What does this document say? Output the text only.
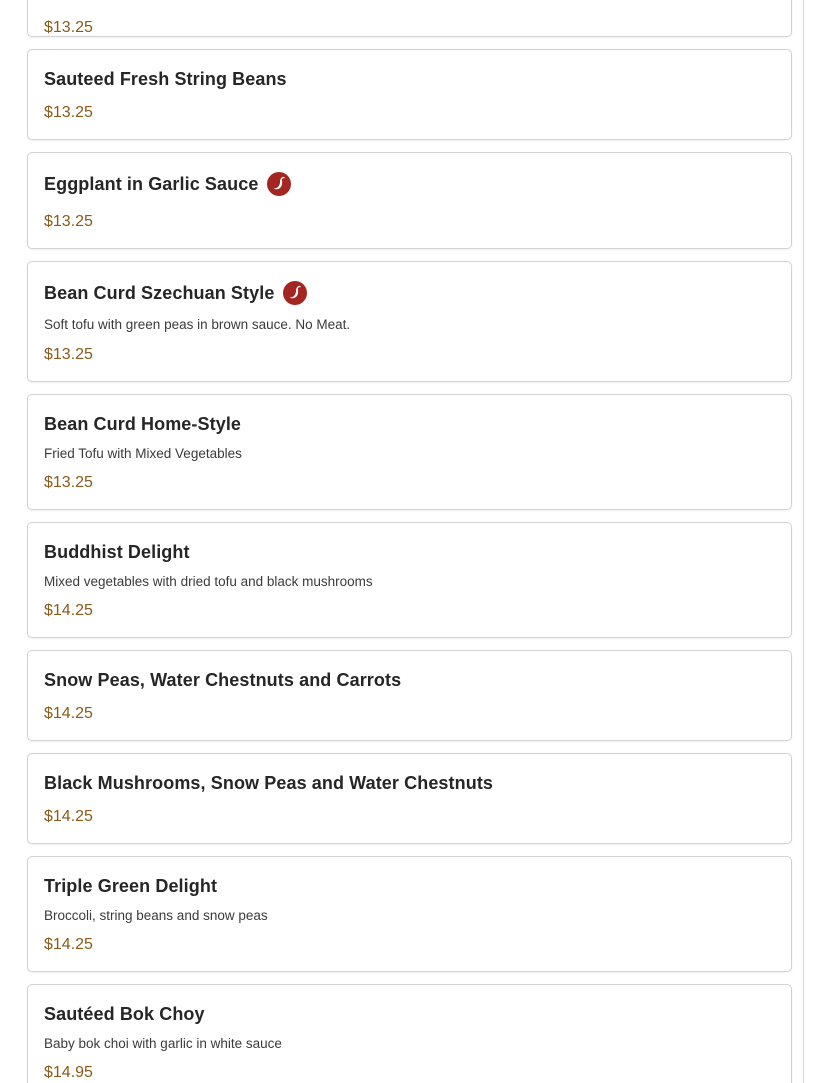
$13.25
Sauteed Fresh String Beans
$13.25
Eggplant in Garlic Sauce
$13.25
Bean Curd Szechuan Style
Soft tofu with green peas in brown sauce. No Meat.
$13.25
Bean Curd Home-Style
Fried Tofu with Mixed Vegetables
$13.25
Buddhist Delight
Mixed vegetables with dried tofu and black mushrooms
$14.25
Snow Peas, Water Chestnuts and Carrots
$14.25
Black Mushrooms, Snow Peas and Water Chestnuts
$14.25
Triple Green Delight
Broccoli, string beans and snow peas
$14.25
Sautéed Bok Choy
Baby bok choi with garlic in white sauce
$14.95
